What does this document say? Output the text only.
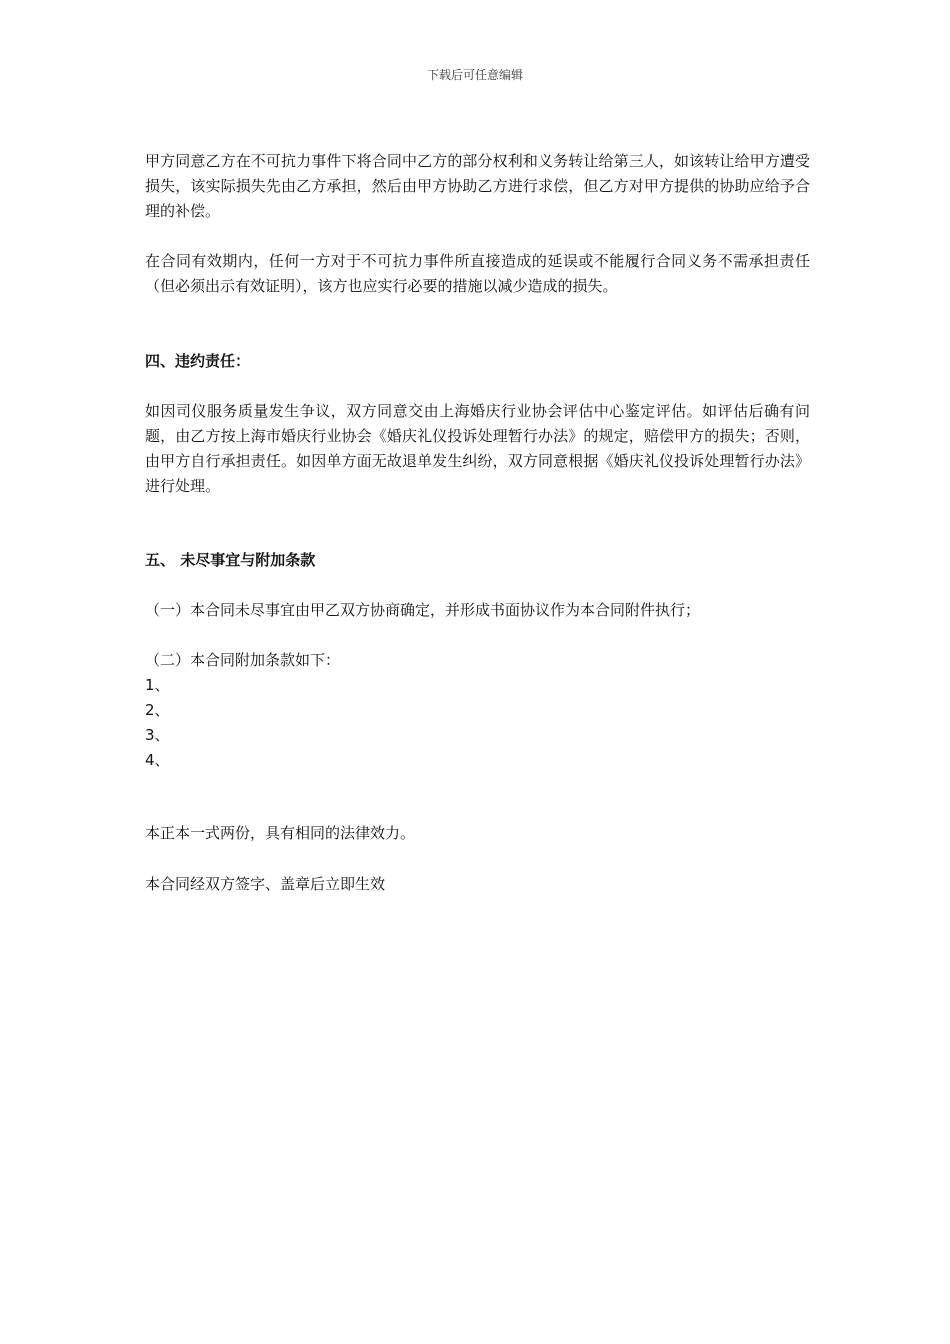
下载后可任意编辑

甲方同意乙方在不可抗力事件下将合同中乙方的部分权利和义务转让给第三人，如该转让给甲方遭受损失，该实际损失先由乙方承担，然后由甲方协助乙方进行求偿，但乙方对甲方提供的协助应给予合理的补偿。

在合同有效期内，任何一方对于不可抗力事件所直接造成的延误或不能履行合同义务不需承担责任（但必须出示有效证明），该方也应实行必要的措施以减少造成的损失。

四、违约责任：

如因司仪服务质量发生争议，双方同意交由上海婚庆行业协会评估中心鉴定评估。如评估后确有问题，由乙方按上海市婚庆行业协会《婚庆礼仪投诉处理暂行办法》的规定，赔偿甲方的损失；否则，由甲方自行承担责任。如因单方面无故退单发生纠纷，双方同意根据《婚庆礼仪投诉处理暂行办法》进行处理。

五、 未尽事宜与附加条款

（一）本合同未尽事宜由甲乙双方协商确定，并形成书面协议作为本合同附件执行；

（二）本合同附加条款如下：

1、

2、

3、

4、

本正本一式两份，具有相同的法律效力。

本合同经双方签字、盖章后立即生效
